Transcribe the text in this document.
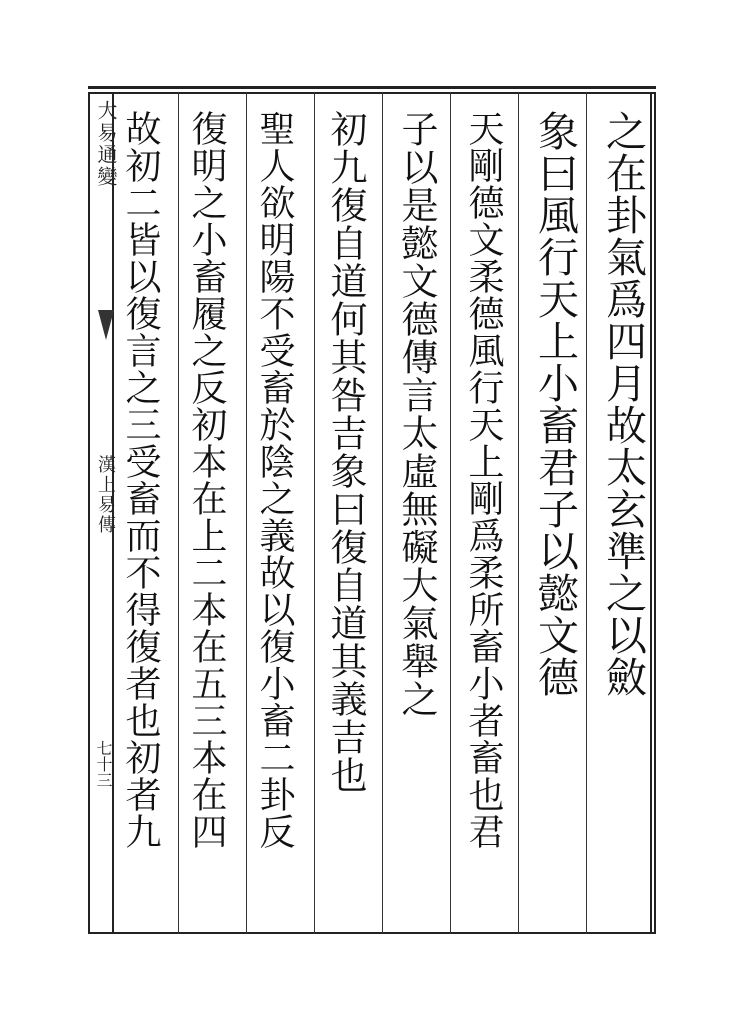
大易通變
漢上易傳
七十三
之在卦氣爲四月故太玄準之以斂
象曰風行天上小畜君子以懿文德
天剛德文柔德風行天上剛爲柔所畜小者畜也君
子以是懿文德傳言太虛無礙大氣舉之
初九復自道何其咎吉象曰復自道其義吉也
聖人欲明陽不受畜於陰之義故以復小畜二卦反
復明之小畜履之反初本在上二本在五三本在四
故初二皆以復言之三受畜而不得復者也初者九
